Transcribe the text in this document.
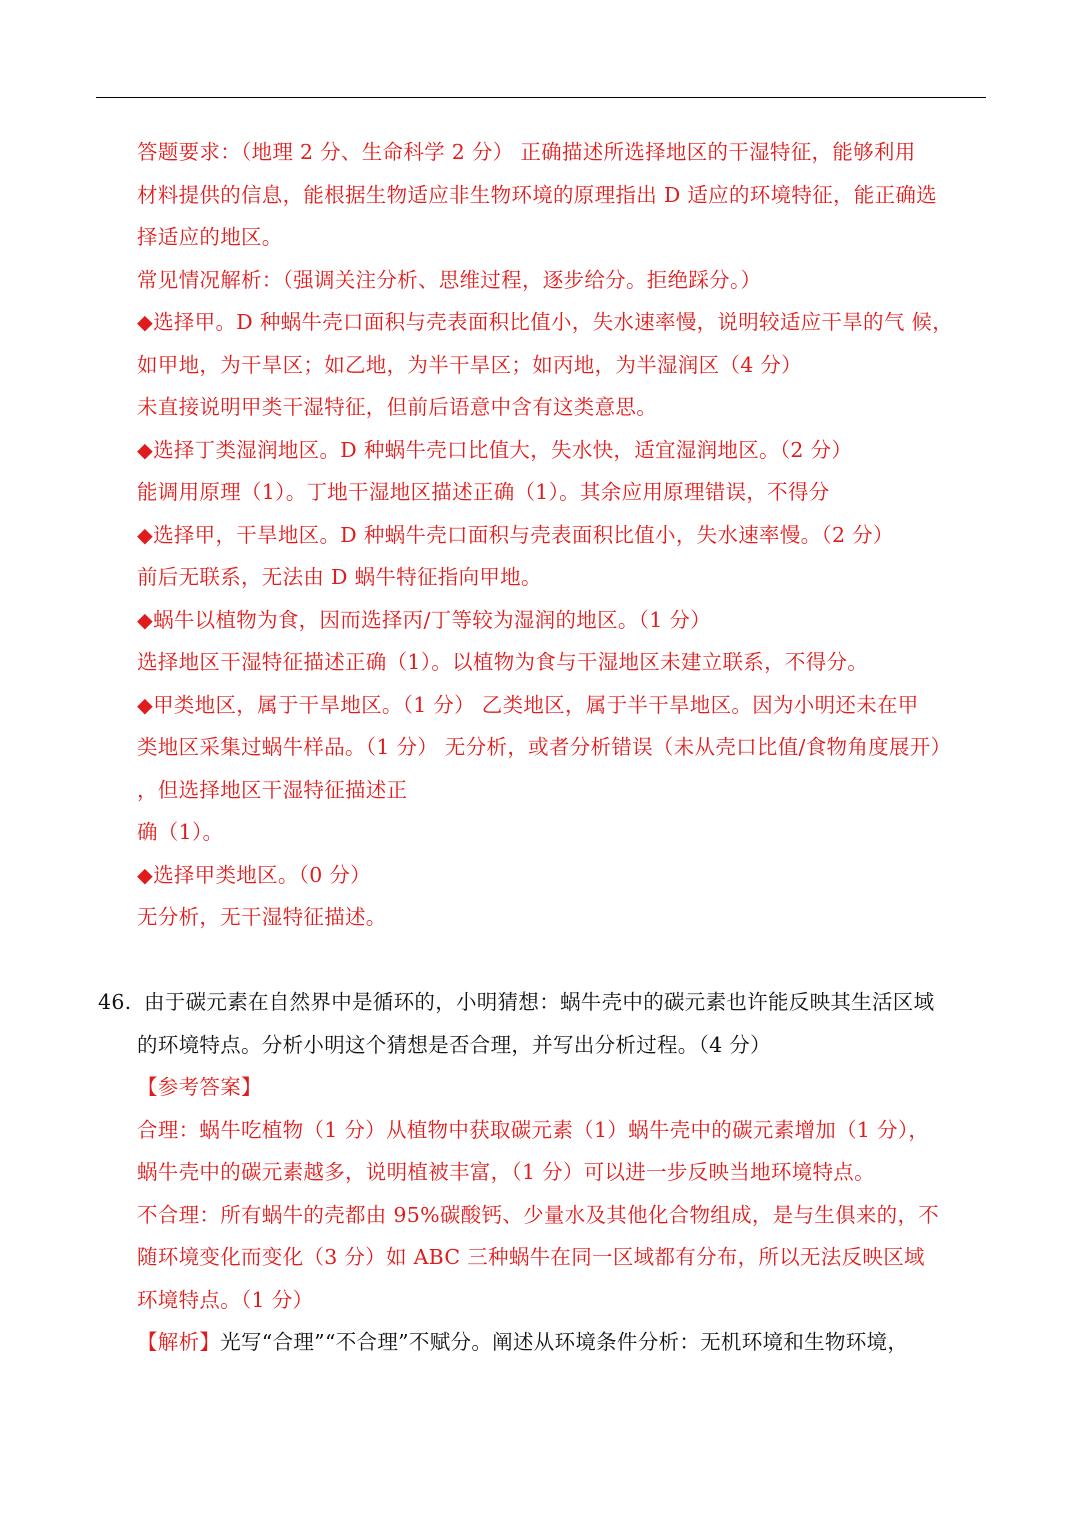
答题要求：（地理 2 分、生命科学 2 分） 正确描述所选择地区的干湿特征，能够利用
材料提供的信息，能根据生物适应非生物环境的原理指出 D 适应的环境特征，能正确选
择适应的地区。
常见情况解析：（强调关注分析、思维过程，逐步给分。拒绝踩分。）
◆选择甲。D 种蜗牛壳口面积与壳表面积比值小，失水速率慢，说明较适应干旱的气 候，
如甲地，为干旱区；如乙地，为半干旱区；如丙地，为半湿润区（4 分）
未直接说明甲类干湿特征，但前后语意中含有这类意思。
◆选择丁类湿润地区。D 种蜗牛壳口比值大，失水快，适宜湿润地区。（2 分）
能调用原理（1）。丁地干湿地区描述正确（1）。其余应用原理错误，不得分
◆选择甲，干旱地区。D 种蜗牛壳口面积与壳表面积比值小，失水速率慢。（2 分）
前后无联系，无法由 D 蜗牛特征指向甲地。
◆蜗牛以植物为食，因而选择丙/丁等较为湿润的地区。（1 分）
选择地区干湿特征描述正确（1）。以植物为食与干湿地区未建立联系，不得分。
◆甲类地区，属于干旱地区。（1 分） 乙类地区，属于半干旱地区。因为小明还未在甲
类地区采集过蜗牛样品。（1 分） 无分析，或者分析错误（未从壳口比值/食物角度展开）
，但选择地区干湿特征描述正
确（1）。
◆选择甲类地区。（0 分）
无分析，无干湿特征描述。
46. 由于碳元素在自然界中是循环的，小明猜想：蜗牛壳中的碳元素也许能反映其生活区域
的环境特点。分析小明这个猜想是否合理，并写出分析过程。（4 分）
【参考答案】
合理：蜗牛吃植物（1 分）从植物中获取碳元素（1）蜗牛壳中的碳元素增加（1 分），
蜗牛壳中的碳元素越多，说明植被丰富，（1 分）可以进一步反映当地环境特点。
不合理：所有蜗牛的壳都由 95%碳酸钙、少量水及其他化合物组成，是与生俱来的，不
随环境变化而变化（3 分）如 ABC 三种蜗牛在同一区域都有分布，所以无法反映区域
环境特点。（1 分）
【解析】光写“合理”“不合理”不赋分。阐述从环境条件分析：无机环境和生物环境，
